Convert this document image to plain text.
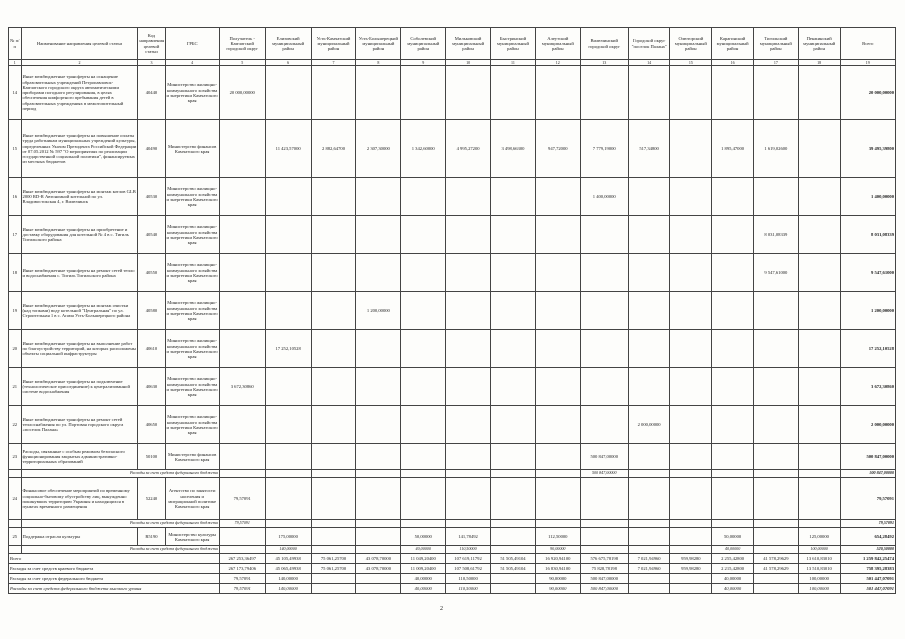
№ п/п	Наименование направления целевой статьи	Код направления целевой статьи	ГРБС	Получатель - Камчатский городской округ	Елизовский муниципальный район	Усть-Камчатский муниципальный район	Усть-Большерецкий муниципальный район	Соболевский муниципальный район	Мильковский муниципальный район	Быстринский муниципальный район	Алеутский муниципальный район	Вилючинский городской округ	Городской округ "поселок Палана"	Олюторский муниципальный район	Карагинский муниципальный район	Тигильский муниципальный район	Пенжинский муниципальный район	Всего
1	2	3	4	5	6	7	8	9	10	11	12	13	14	15	16	17	18	19
14	Иные межбюджетные трансферты на оснащение образовательных учреждений Петропавловск-Камчатского городского округа автоматическими приборами погодного регулирования, в целях обеспечения комфортного пребывания детей в образовательных учреждениях в межотопительный период	40440	Министерство жилищно-коммунального хозяйства и энергетики Камчатского края	20 000,00000														20 000,00000
15	Иные межбюджетные трансферты на повышение оплаты труда работникам муниципальных учреждений культуры, определенных Указом Президента Российской Федерации от 07.05.2012 № 597 "О мероприятиях по реализации государственной социальной политики", финансируемых из местных бюджетов	40490	Министерство финансов Камчатского края		11 423,57000	2 882,64700	2 307,30000	1 342,60000	4 995,27200	3 498,66300	947,72000	7 779,19000	517,34800		1 895,47000	1 619,02600		39 495,39800
16	Иные межбюджетные трансферты на монтаж котлов GLB 2000 RD-R Автономной котельной по ул. Владивостокская 4, г. Вилючинск	40530	Министерство жилищно-коммунального хозяйства и энергетики Камчатского края									1 400,00000						1 400,00000
17	Иные межбюджетные трансферты на приобретение и доставку оборудования для котельной № 4 в с. Тигиль Тигильского района	40540	Министерство жилищно-коммунального хозяйства и энергетики Камчатского края													8 031,08339		8 031,08339
18	Иные межбюджетные трансферты на ремонт сетей тепло и водоснабжения с. Тигиль Тигильского района	40550	Министерство жилищно-коммунального хозяйства и энергетики Камчатского края													9 547,61000		9 547,61000
19	Иные межбюджетные трансферты на монтаж очистки (над топками) воду котельной "Центральная" по ул. Строительная 1 в с. Апача Усть-Большерецкого района	40580	Министерство жилищно-коммунального хозяйства и энергетики Камчатского края				1 200,00000											1 200,00000
20	Иные межбюджетные трансферты на выполнение работ по благоустройству территорий, на которых расположены объекты социальной инфраструктуры	40610	Министерство жилищно-коммунального хозяйства и энергетики Камчатского края		17 252,10528													17 252,10528
21	Иные межбюджетные трансферты на подключение (технологическое присоединение) к централизованной системе водоснабжения	40630	Министерство жилищно-коммунального хозяйства и энергетики Камчатского края	3 672,30860														3 672,30860
22	Иные межбюджетные трансферты на ремонт сетей теплоснабжения по ул. Портовая городского округа «поселок Палана»	40650	Министерство жилищно-коммунального хозяйства и энергетики Камчатского края										2 000,00000					2 000,00000
23	Расходы, связанные с особым режимом безопасного функционирования закрытых административно-территориальных образований	50100	Министерство финансов Камчатского края									500 847,00000						500 847,00000
	Расходы за счет средств федерального бюджета											500 847,00000						500 847,00000
24	Финансовое обеспечение мероприятий по временному социально-бытовому обустройству лиц, вынужденно покинувших территорию Украины и находящихся в пунктах временного размещения	52240	Агентство по занятости населения и миграционной политике Камчатского края	79,57091														79,57091
	Расходы за счет средств федерального бюджета			79,57091														79,57091
25	Поддержка отрасли культуры	R5190	Министерство культуры Камчатского края		175,00000			50,00000	141,78492		112,50000				50,00000		125,00000	654,28492
	Расходы за счет средств федерального бюджета				140,00000			40,00000	110,50000		90,00000				40,00000		100,00000	520,50000
Всего				267 253,36497	45 105,49938	75 061,25700	43 078,70000	11 049,20400	107 619,11792	51 505,49104	16 920,94100	576 675,78198	7 021,94960	959,98280	2 255,42800	41 578,29629	13 610,83010	1 259 842,25474
Расходы за счет средств краевого бюджета				267 173,79406	45 065,49938	75 061,25700	43 078,70000	11 009,20400	107 508,61792	51 505,49104	16 830,94100	75 828,78198	7 021,94960	959,98280	2 215,42800	41 578,29629	13 510,83010	758 395,28383
Расходы за счет средств федерального бюджета				79,57091	140,00000			40,00000	110,50000		90,00000	500 847,00000			40,00000		100,00000	501 447,07091
Расходы за счет средств федерального бюджета высокого уровня				79,57091	140,00000			40,00000	110,50000		90,00000	500 847,00000			40,00000		100,00000	501 447,07091
2
